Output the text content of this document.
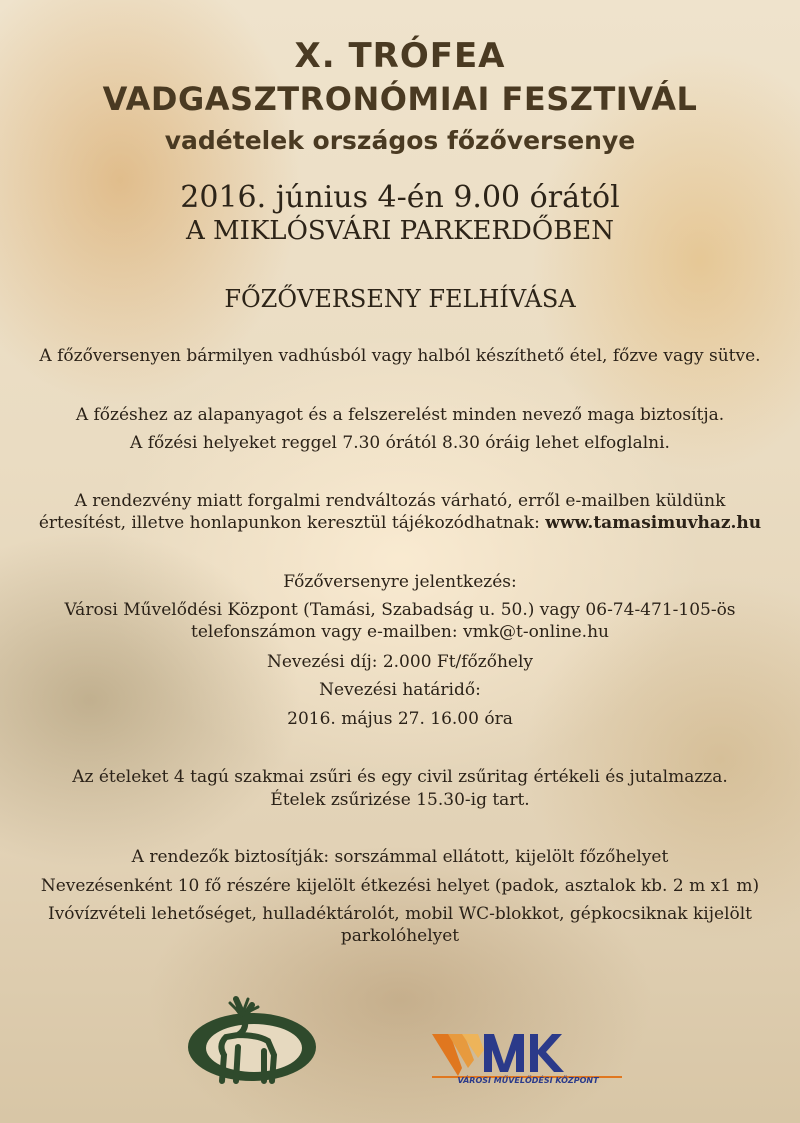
X. TRÓFEA
VADGASZTRONÓMIAI FESZTIVÁL
vadételek országos főzőversenye
2016. június 4-én 9.00 órától
A MIKLÓSVÁRI PARKERDŐBEN
FŐZŐVERSENY FELHÍVÁSA
A főzőversenyen bármilyen vadhúsból vagy halból készíthető étel, főzve vagy sütve.
A főzéshez az alapanyagot és a felszerelést minden nevező maga biztosítja.
A főzési helyeket reggel 7.30 órától 8.30 óráig lehet elfoglalni.
A rendezvény miatt forgalmi rendváltozás várható, erről e-mailben küldünk
értesítést, illetve honlapunkon keresztül tájékozódhatnak: www.tamasimuvhaz.hu
Főzőversenyre jelentkezés:
Városi Művelődési Központ (Tamási, Szabadság u. 50.) vagy 06-74-471-105-ös
telefonszámon vagy e-mailben: vmk@t-online.hu
Nevezési díj: 2.000 Ft/főzőhely
Nevezési határidő:
2016. május 27. 16.00 óra
Az ételeket 4 tagú szakmai zsűri és egy civil zsűritag értékeli és jutalmazza.
Ételek zsűrizése 15.30-ig tart.
A rendezők biztosítják: sorszámmal ellátott, kijelölt főzőhelyet
Nevezésenként 10 fő részére kijelölt étkezési helyet (padok, asztalok kb. 2 m x1 m)
Ivóvízvételi lehetőséget, hulladéktárolót, mobil WC-blokkot, gépkocsiknak kijelölt
parkolóhelyet
VÁROSI MŰVELŐDÉSI KÖZPONT
